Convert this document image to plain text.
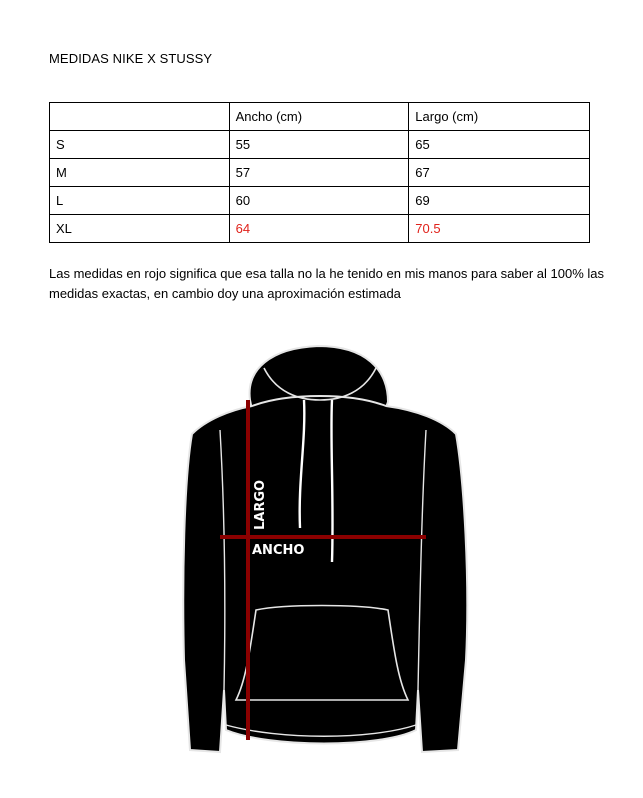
MEDIDAS NIKE X STUSSY
	Ancho (cm)	Largo (cm)
S	55	65
M	57	67
L	60	69
XL	64	70.5
Las medidas en rojo significa que esa talla no la he tenido en mis manos para saber al 100% las medidas exactas, en cambio doy una aproximación estimada
LARGO
ANCHO
